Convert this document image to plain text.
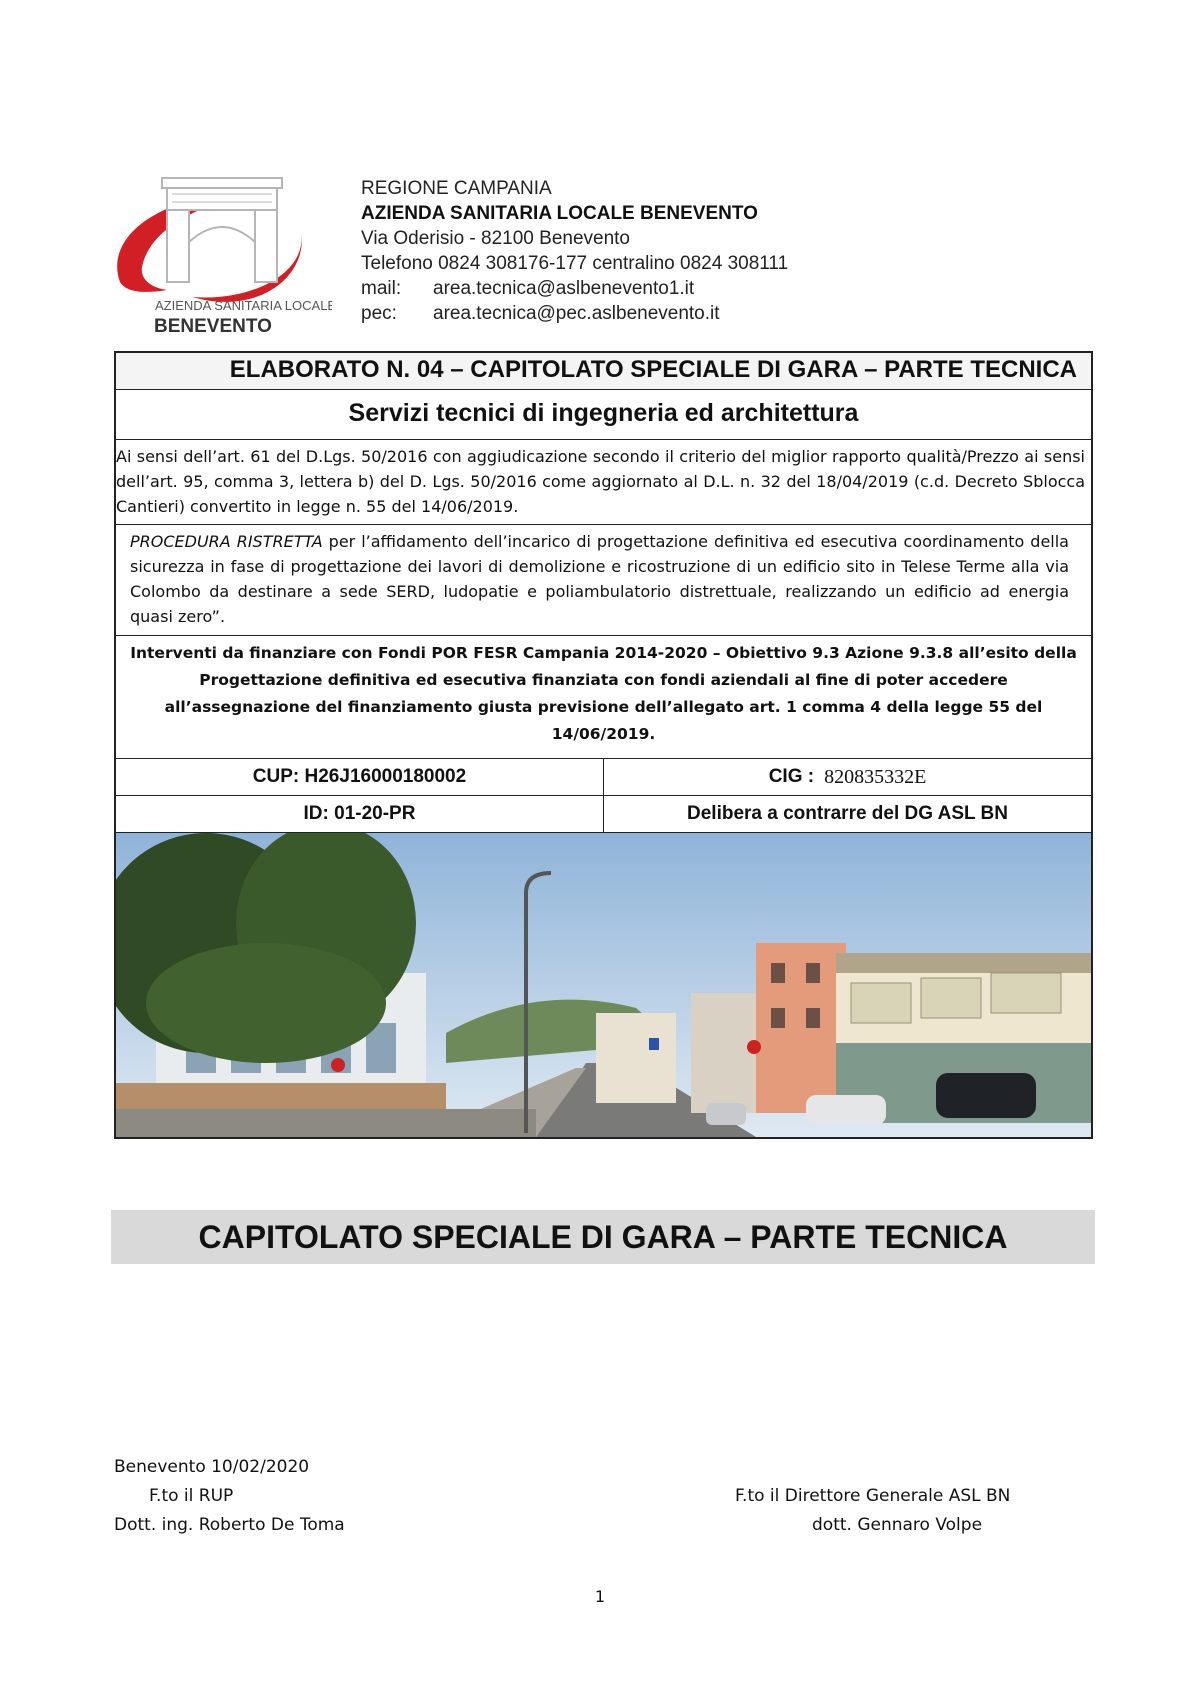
AZIENDA SANITARIA LOCALE
BENEVENTO
REGIONE CAMPANIA
AZIENDA SANITARIA LOCALE BENEVENTO
Via Oderisio - 82100 Benevento
Telefono 0824 308176-177 centralino 0824 308111
mail:	area.tecnica@aslbenevento1.it
pec:	area.tecnica@pec.aslbenevento.it
ELABORATO N. 04 – CAPITOLATO SPECIALE DI GARA – PARTE TECNICA
Servizi tecnici di ingegneria ed architettura
Ai sensi dell’art. 61 del D.Lgs. 50/2016 con aggiudicazione secondo il criterio del miglior rapporto qualità/Prezzo ai sensi dell’art. 95, comma 3, lettera b) del D. Lgs. 50/2016 come aggiornato al D.L. n. 32 del 18/04/2019 (c.d. Decreto Sblocca Cantieri) convertito in legge n. 55 del 14/06/2019.
PROCEDURA RISTRETTA per l’affidamento dell’incarico di progettazione definitiva ed esecutiva coordinamento della sicurezza in fase di progettazione dei lavori di demolizione e ricostruzione di un edificio sito in Telese Terme alla via Colombo da destinare a sede SERD, ludopatie e poliambulatorio distrettuale, realizzando un edificio ad energia quasi zero”.
Interventi da finanziare con Fondi POR FESR Campania 2014-2020 – Obiettivo 9.3 Azione 9.3.8 all’esito della Progettazione definitiva ed esecutiva finanziata con fondi aziendali al fine di poter accedere all’assegnazione del finanziamento giusta previsione dell’allegato art. 1 comma 4 della legge 55 del 14/06/2019.
CUP: H26J16000180002	CIG : 820835332E
ID: 01-20-PR	Delibera a contrarre del DG ASL BN
CAPITOLATO SPECIALE DI GARA – PARTE TECNICA
Benevento 10/02/2020
F.to il RUP
Dott. ing. Roberto De Toma
F.to il Direttore Generale ASL BN
dott. Gennaro Volpe
1
